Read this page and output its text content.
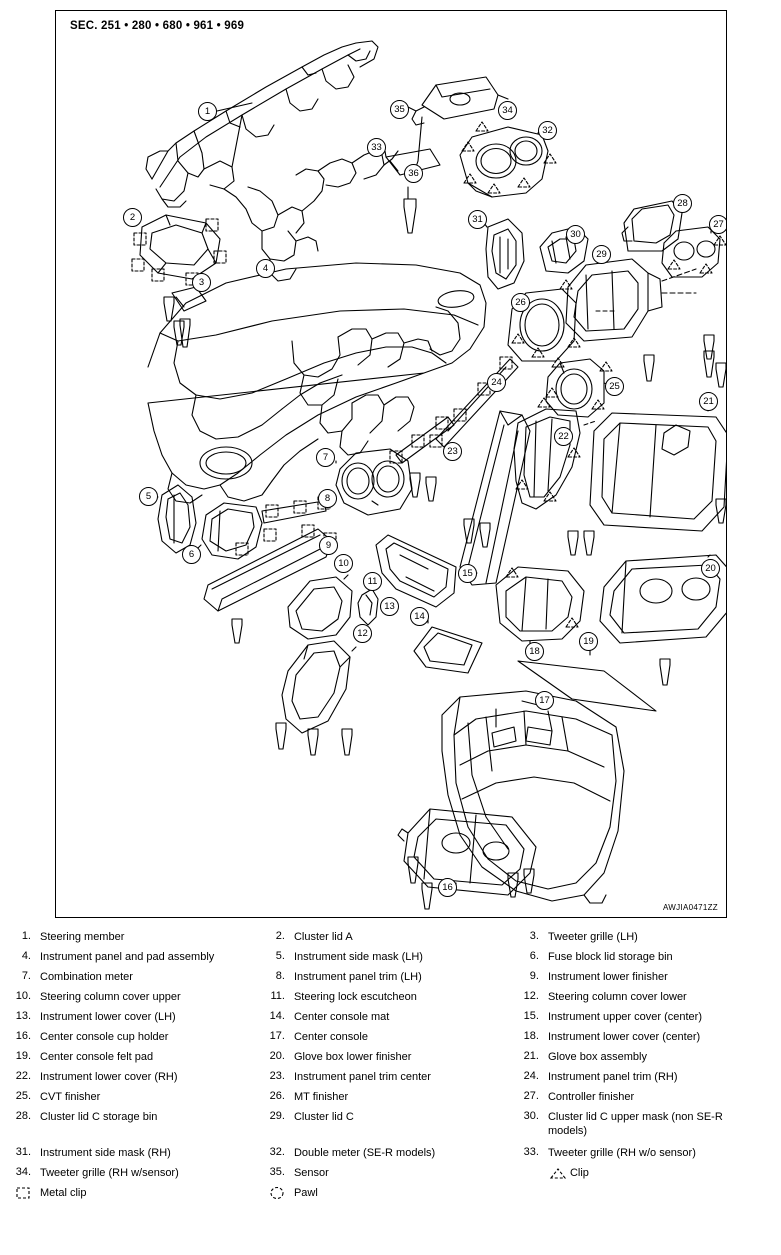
SEC. 251 • 280 • 680 • 961 • 969
1
2
3
4
5
6
7
8
9
10
11
12
13
14
15
16
17
18
19
20
21
22
23
24	25
26
27
28
29
30
31
32
33
34
35
36
AWJIA0471ZZ
1. Steering member	2. Cluster lid A	3. Tweeter grille (LH)
4. Instrument panel and pad assembly	5. Instrument side mask (LH)	6. Fuse block lid storage bin
7. Combination meter	8. Instrument panel trim (LH)	9. Instrument lower finisher
10. Steering column cover upper	11. Steering lock escutcheon	12. Steering column cover lower
13. Instrument lower cover (LH)	14. Center console mat	15. Instrument upper cover (center)
16. Center console cup holder	17. Center console	18. Instrument lower cover (center)
19. Center console felt pad	20. Glove box lower finisher	21. Glove box assembly
22. Instrument lower cover (RH)	23. Instrument panel trim center	24. Instrument panel trim (RH)
25. CVT finisher	26. MT finisher	27. Controller finisher
28. Cluster lid C storage bin	29. Cluster lid C	30. Cluster lid C upper mask (non SE-R models)
31. Instrument side mask (RH)	32. Double meter (SE-R models)	33. Tweeter grille (RH w/o sensor)
34. Tweeter grille (RH w/sensor)	35. Sensor	Clip
Metal clip	Pawl
